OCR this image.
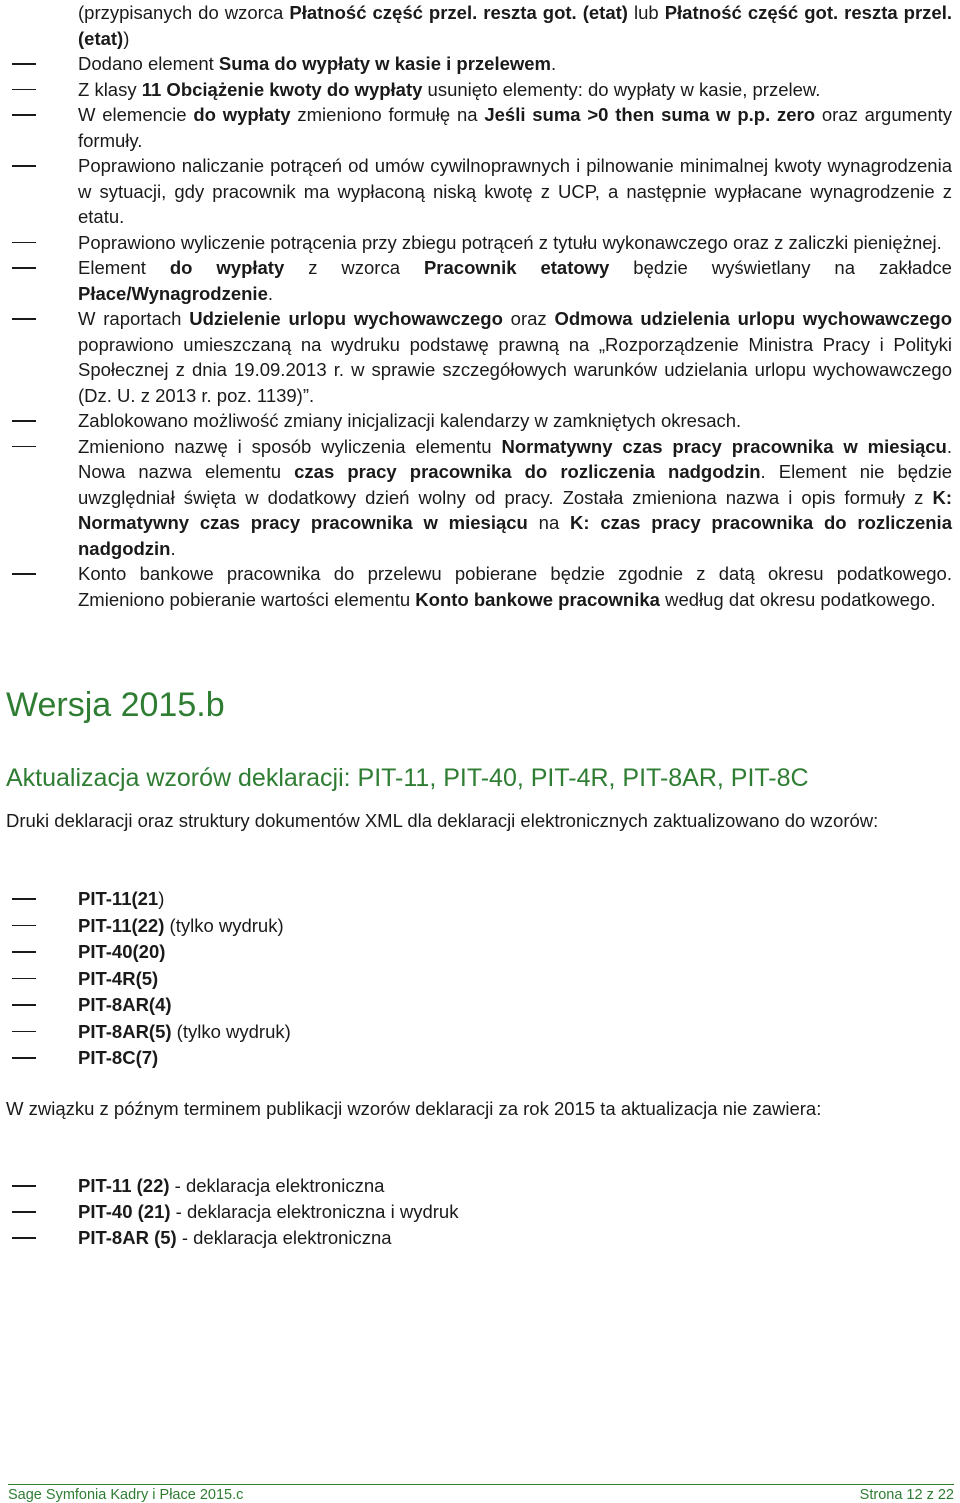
(przypisanych do wzorca Płatność część przel. reszta got. (etat) lub Płatność część got. reszta przel. (etat))

Dodano element Suma do wypłaty w kasie i przelewem.

Z klasy 11 Obciążenie kwoty do wypłaty usunięto elementy: do wypłaty w kasie, przelew.

W elemencie do wypłaty zmieniono formułę na Jeśli suma >0 then suma w p.p. zero oraz argumenty formuły.

Poprawiono naliczanie potrąceń od umów cywilnoprawnych i pilnowanie minimalnej kwoty wynagrodzenia w sytuacji, gdy pracownik ma wypłaconą niską kwotę z UCP, a następnie wypłacane wynagrodzenie z etatu.

Poprawiono wyliczenie potrącenia przy zbiegu potrąceń z tytułu wykonawczego oraz z zaliczki pieniężnej.

Element do wypłaty z wzorca Pracownik etatowy będzie wyświetlany na zakładce Płace/Wynagrodzenie.

W raportach Udzielenie urlopu wychowawczego oraz Odmowa udzielenia urlopu wychowawczego poprawiono umieszczaną na wydruku podstawę prawną na „Rozporządzenie Ministra Pracy i Polityki Społecznej z dnia 19.09.2013 r. w sprawie szczegółowych warunków udzielania urlopu wychowawczego (Dz. U. z 2013 r. poz. 1139)”.

Zablokowano możliwość zmiany inicjalizacji kalendarzy w zamkniętych okresach.

Zmieniono nazwę i sposób wyliczenia elementu Normatywny czas pracy pracownika w miesiącu. Nowa nazwa elementu czas pracy pracownika do rozliczenia nadgodzin. Element nie będzie uwzględniał święta w dodatkowy dzień wolny od pracy. Została zmieniona nazwa i opis formuły z K: Normatywny czas pracy pracownika w miesiącu na K: czas pracy pracownika do rozliczenia nadgodzin.

Konto bankowe pracownika do przelewu pobierane będzie zgodnie z datą okresu podatkowego. Zmieniono pobieranie wartości elementu Konto bankowe pracownika według dat okresu podatkowego.

Wersja 2015.b
Aktualizacja wzorów deklaracji: PIT-11, PIT-40, PIT-4R, PIT-8AR, PIT-8C

Druki deklaracji oraz struktury dokumentów XML dla deklaracji elektronicznych zaktualizowano do wzorów:

PIT-11(21)

PIT-11(22) (tylko wydruk)

PIT-40(20)

PIT-4R(5)

PIT-8AR(4)

PIT-8AR(5) (tylko wydruk)

PIT-8C(7)

W związku z późnym terminem publikacji wzorów deklaracji za rok 2015 ta aktualizacja nie zawiera:

PIT-11 (22) - deklaracja elektroniczna

PIT-40 (21) - deklaracja elektroniczna i wydruk

PIT-8AR (5) - deklaracja elektroniczna

Sage Symfonia Kadry i Płace 2015.c	Strona 12 z 22
